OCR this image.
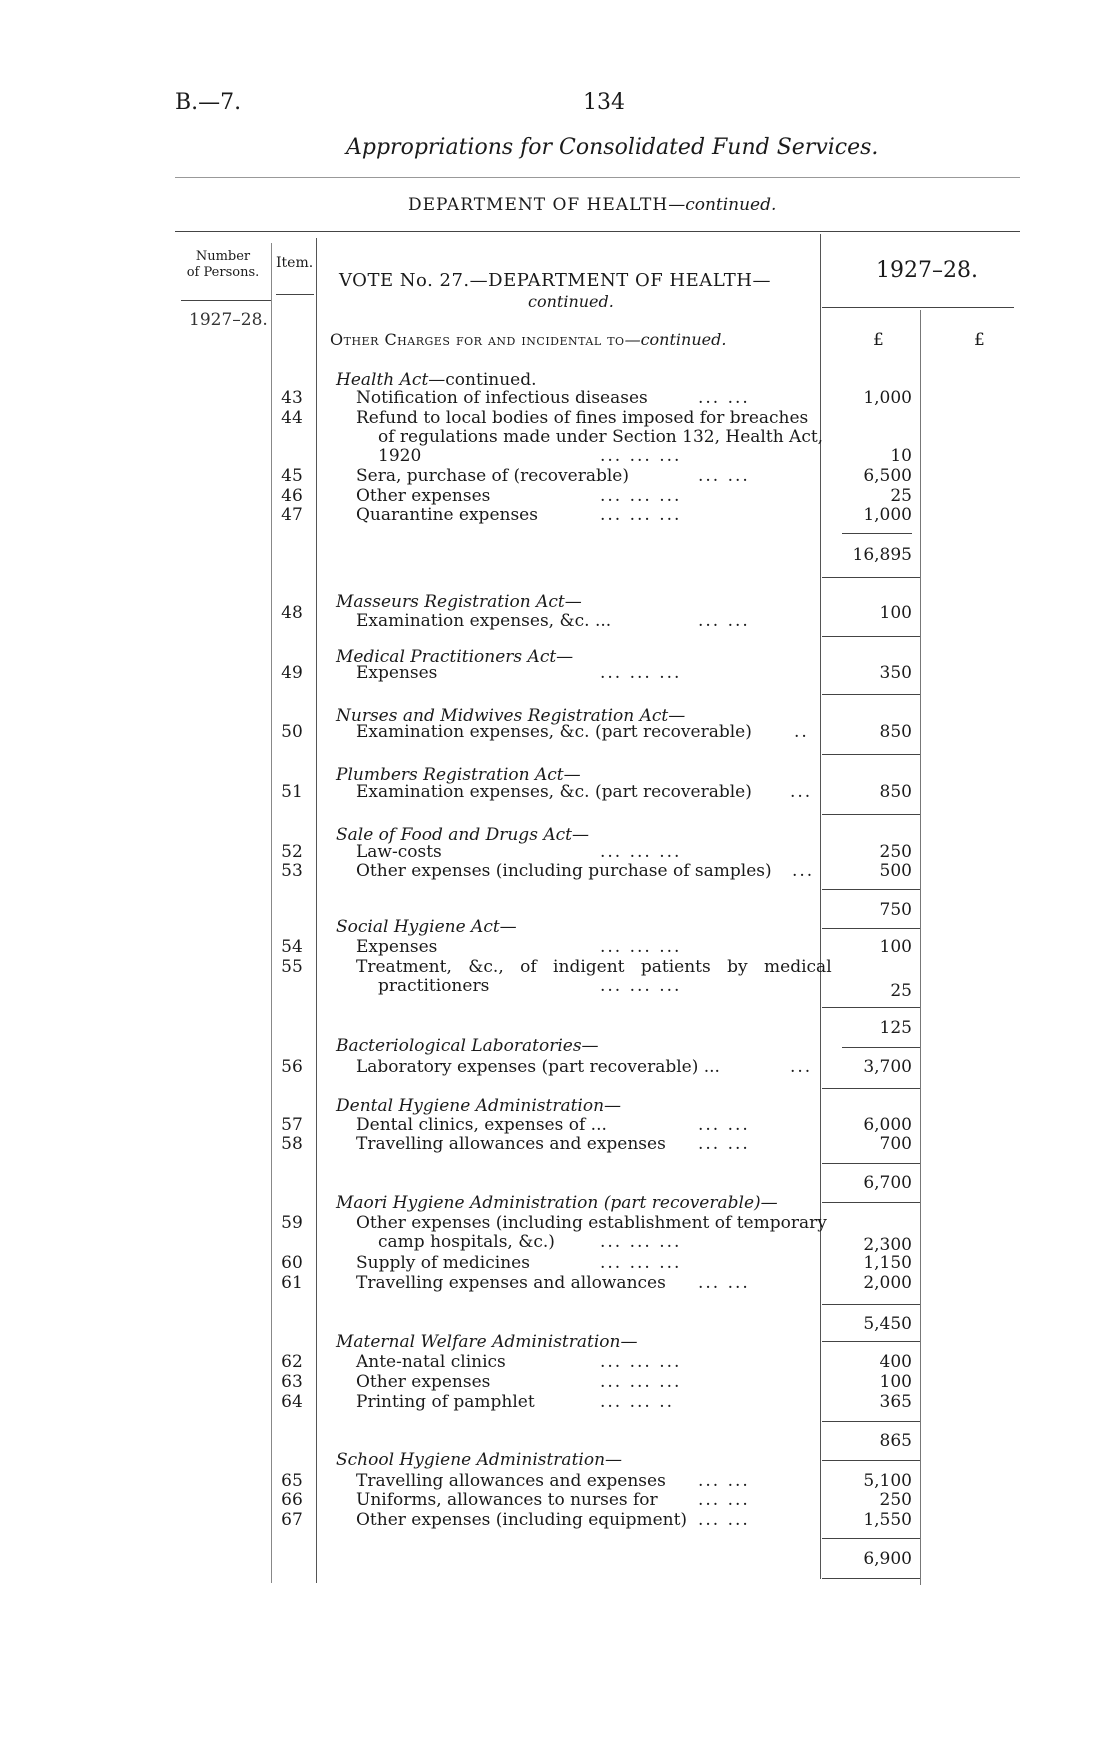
B.—7.	134
Appropriations for Consolidated Fund Services.
DEPARTMENT OF HEALTH—continued.
Number
of Persons.
Item.
1927–28.
VOTE No. 27.—DEPARTMENT OF HEALTH—
continued.
1927–28.
Other Charges for and incidental to—continued.	£	£
Health Act—continued.
43	Notification of infectious diseases	... ...	1,000
44	Refund to local bodies of fines imposed for breaches
of regulations made under Section 132, Health Act,
1920	... ... ...	10
45	Sera, purchase of (recoverable)	... ...	6,500
46	Other expenses	... ... ...	25
47	Quarantine expenses	... ... ...	1,000
16,895
Masseurs Registration Act—
48	Examination expenses, &c. ...	... ...	100
Medical Practitioners Act—
49	Expenses	... ... ...	350
Nurses and Midwives Registration Act—
50	Examination expenses, &c. (part recoverable) ..	850
Plumbers Registration Act—
51	Examination expenses, &c. (part recoverable) ...	850
Sale of Food and Drugs Act—
52	Law-costs	... ... ...	250
53	Other expenses (including purchase of samples) ...	500
750
Social Hygiene Act—
54	Expenses	... ... ...	100
55	Treatment, &c., of indigent patients by medical
practitioners	... ... ...	25
125
Bacteriological Laboratories—
56	Laboratory expenses (part recoverable) ...	...	3,700
Dental Hygiene Administration—
57	Dental clinics, expenses of ...	... ...	6,000
58	Travelling allowances and expenses ... ...	700
6,700
Maori Hygiene Administration (part recoverable)—
59	Other expenses (including establishment of temporary
camp hospitals, &c.)	... ... ...	2,300
60	Supply of medicines	... ... ...	1,150
61	Travelling expenses and allowances ... ...	2,000
5,450
Maternal Welfare Administration—
62	Ante-natal clinics	... ... ...	400
63	Other expenses	... ... ...	100
64	Printing of pamphlet	... ... ..	365
865
School Hygiene Administration—
65	Travelling allowances and expenses ... ...	5,100
66	Uniforms, allowances to nurses for ... ...	250
67	Other expenses (including equipment) ... ...	1,550
6,900
